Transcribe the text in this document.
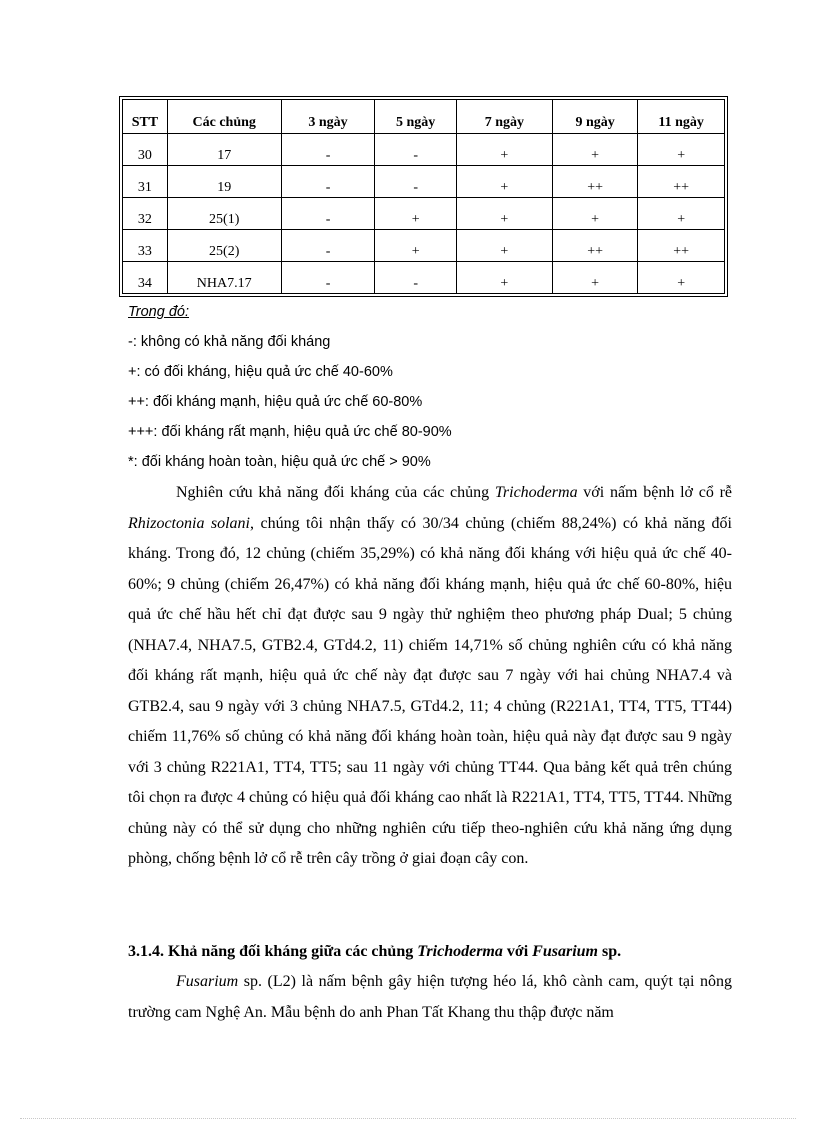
STT	Các chủng	3 ngày	5 ngày	7 ngày	9 ngày	11 ngày
30	17	-	-	+	+	+
31	19	-	-	+	++	++
32	25(1)	-	+	+	+	+
33	25(2)	-	+	+	++	++
34	NHA7.17	-	-	+	+	+
Trong đó:
-: không có khả năng đối kháng
+: có đối kháng, hiệu quả ức chế 40-60%
++: đối kháng mạnh, hiệu quả ức chế 60-80%
+++: đối kháng rất mạnh, hiệu quả ức chế 80-90%
*: đối kháng hoàn toàn, hiệu quả ức chế > 90%
Nghiên cứu khả năng đối kháng của các chủng Trichoderma với nấm bệnh lở cổ rễ Rhizoctonia solani, chúng tôi nhận thấy có 30/34 chủng (chiếm 88,24%) có khả năng đối kháng. Trong đó, 12 chủng (chiếm 35,29%) có khả năng đối kháng với hiệu quả ức chế 40-60%; 9 chủng (chiếm 26,47%) có khả năng đối kháng mạnh, hiệu quả ức chế 60-80%, hiệu quả ức chế hầu hết chỉ đạt được sau 9 ngày thử nghiệm theo phương pháp Dual; 5 chủng (NHA7.4, NHA7.5, GTB2.4, GTd4.2, 11) chiếm 14,71% số chủng nghiên cứu có khả năng đối kháng rất mạnh, hiệu quả ức chế này đạt được sau 7 ngày với hai chủng NHA7.4 và GTB2.4, sau 9 ngày với 3 chủng NHA7.5, GTd4.2, 11; 4 chủng (R221A1, TT4, TT5, TT44) chiếm 11,76% số chủng có khả năng đối kháng hoàn toàn, hiệu quả này đạt được sau 9 ngày với 3 chủng R221A1, TT4, TT5; sau 11 ngày với chủng TT44. Qua bảng kết quả trên chúng tôi chọn ra được 4 chủng có hiệu quả đối kháng cao nhất là R221A1, TT4, TT5, TT44. Những chủng này có thể sử dụng cho những nghiên cứu tiếp theo-nghiên cứu khả năng ứng dụng phòng, chống bệnh lở cổ rễ trên cây trồng ở giai đoạn cây con.
3.1.4. Khả năng đối kháng giữa các chủng Trichoderma với Fusarium sp.
Fusarium sp. (L2) là nấm bệnh gây hiện tượng héo lá, khô cành cam, quýt tại nông trường cam Nghệ An. Mẫu bệnh do anh Phan Tất Khang thu thập được năm
